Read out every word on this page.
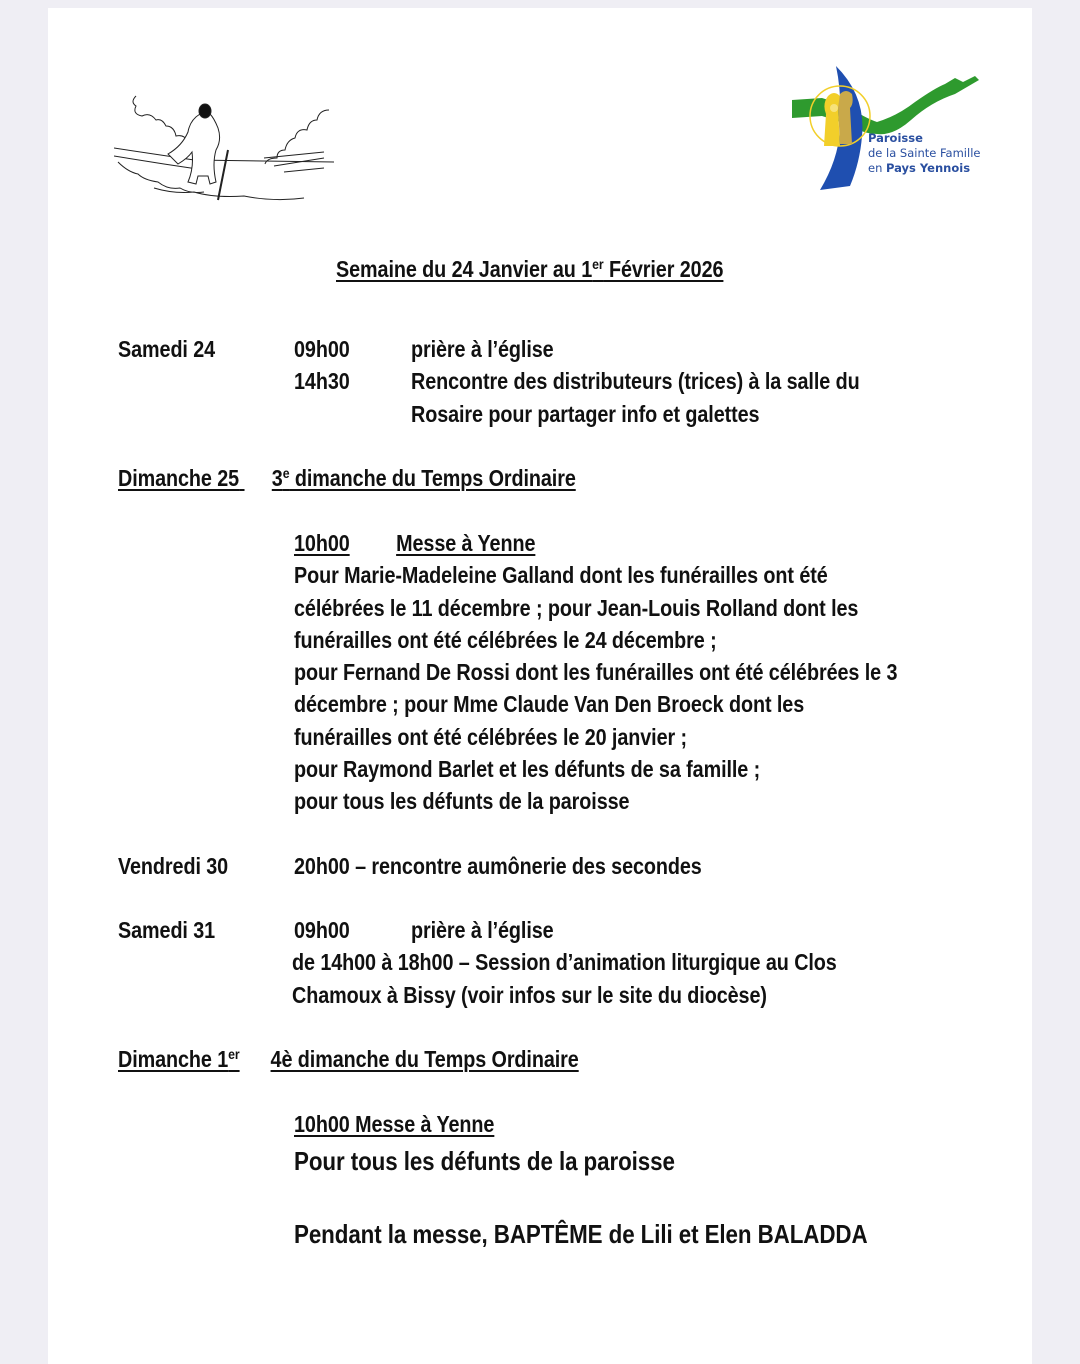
Paroisse
de la Sainte Famille
en Pays Yennois
Semaine du 24 Janvier au 1er Février 2026
Samedi 24	09h00	prière à l’église
14h30	Rencontre des distributeurs (trices) à la salle du
Rosaire pour partager info et galettes
Dimanche 25 3e dimanche du Temps Ordinaire
10h00 Messe à Yenne
Pour Marie-Madeleine Galland dont les funérailles ont été
célébrées le 11 décembre ; pour Jean-Louis Rolland dont les
funérailles ont été célébrées le 24 décembre ;
pour Fernand De Rossi dont les funérailles ont été célébrées le 3
décembre ; pour Mme Claude Van Den Broeck dont les
funérailles ont été célébrées le 20 janvier ;
pour Raymond Barlet et les défunts de sa famille ;
pour tous les défunts de la paroisse
Vendredi 30	20h00 – rencontre aumônerie des secondes
Samedi 31	09h00	prière à l’église
de 14h00 à 18h00 – Session d’animation liturgique au Clos
Chamoux à Bissy (voir infos sur le site du diocèse)
Dimanche 1er 4è dimanche du Temps Ordinaire
10h00 Messe à Yenne
Pour tous les défunts de la paroisse
Pendant la messe, BAPTÊME de Lili et Elen BALADDA
